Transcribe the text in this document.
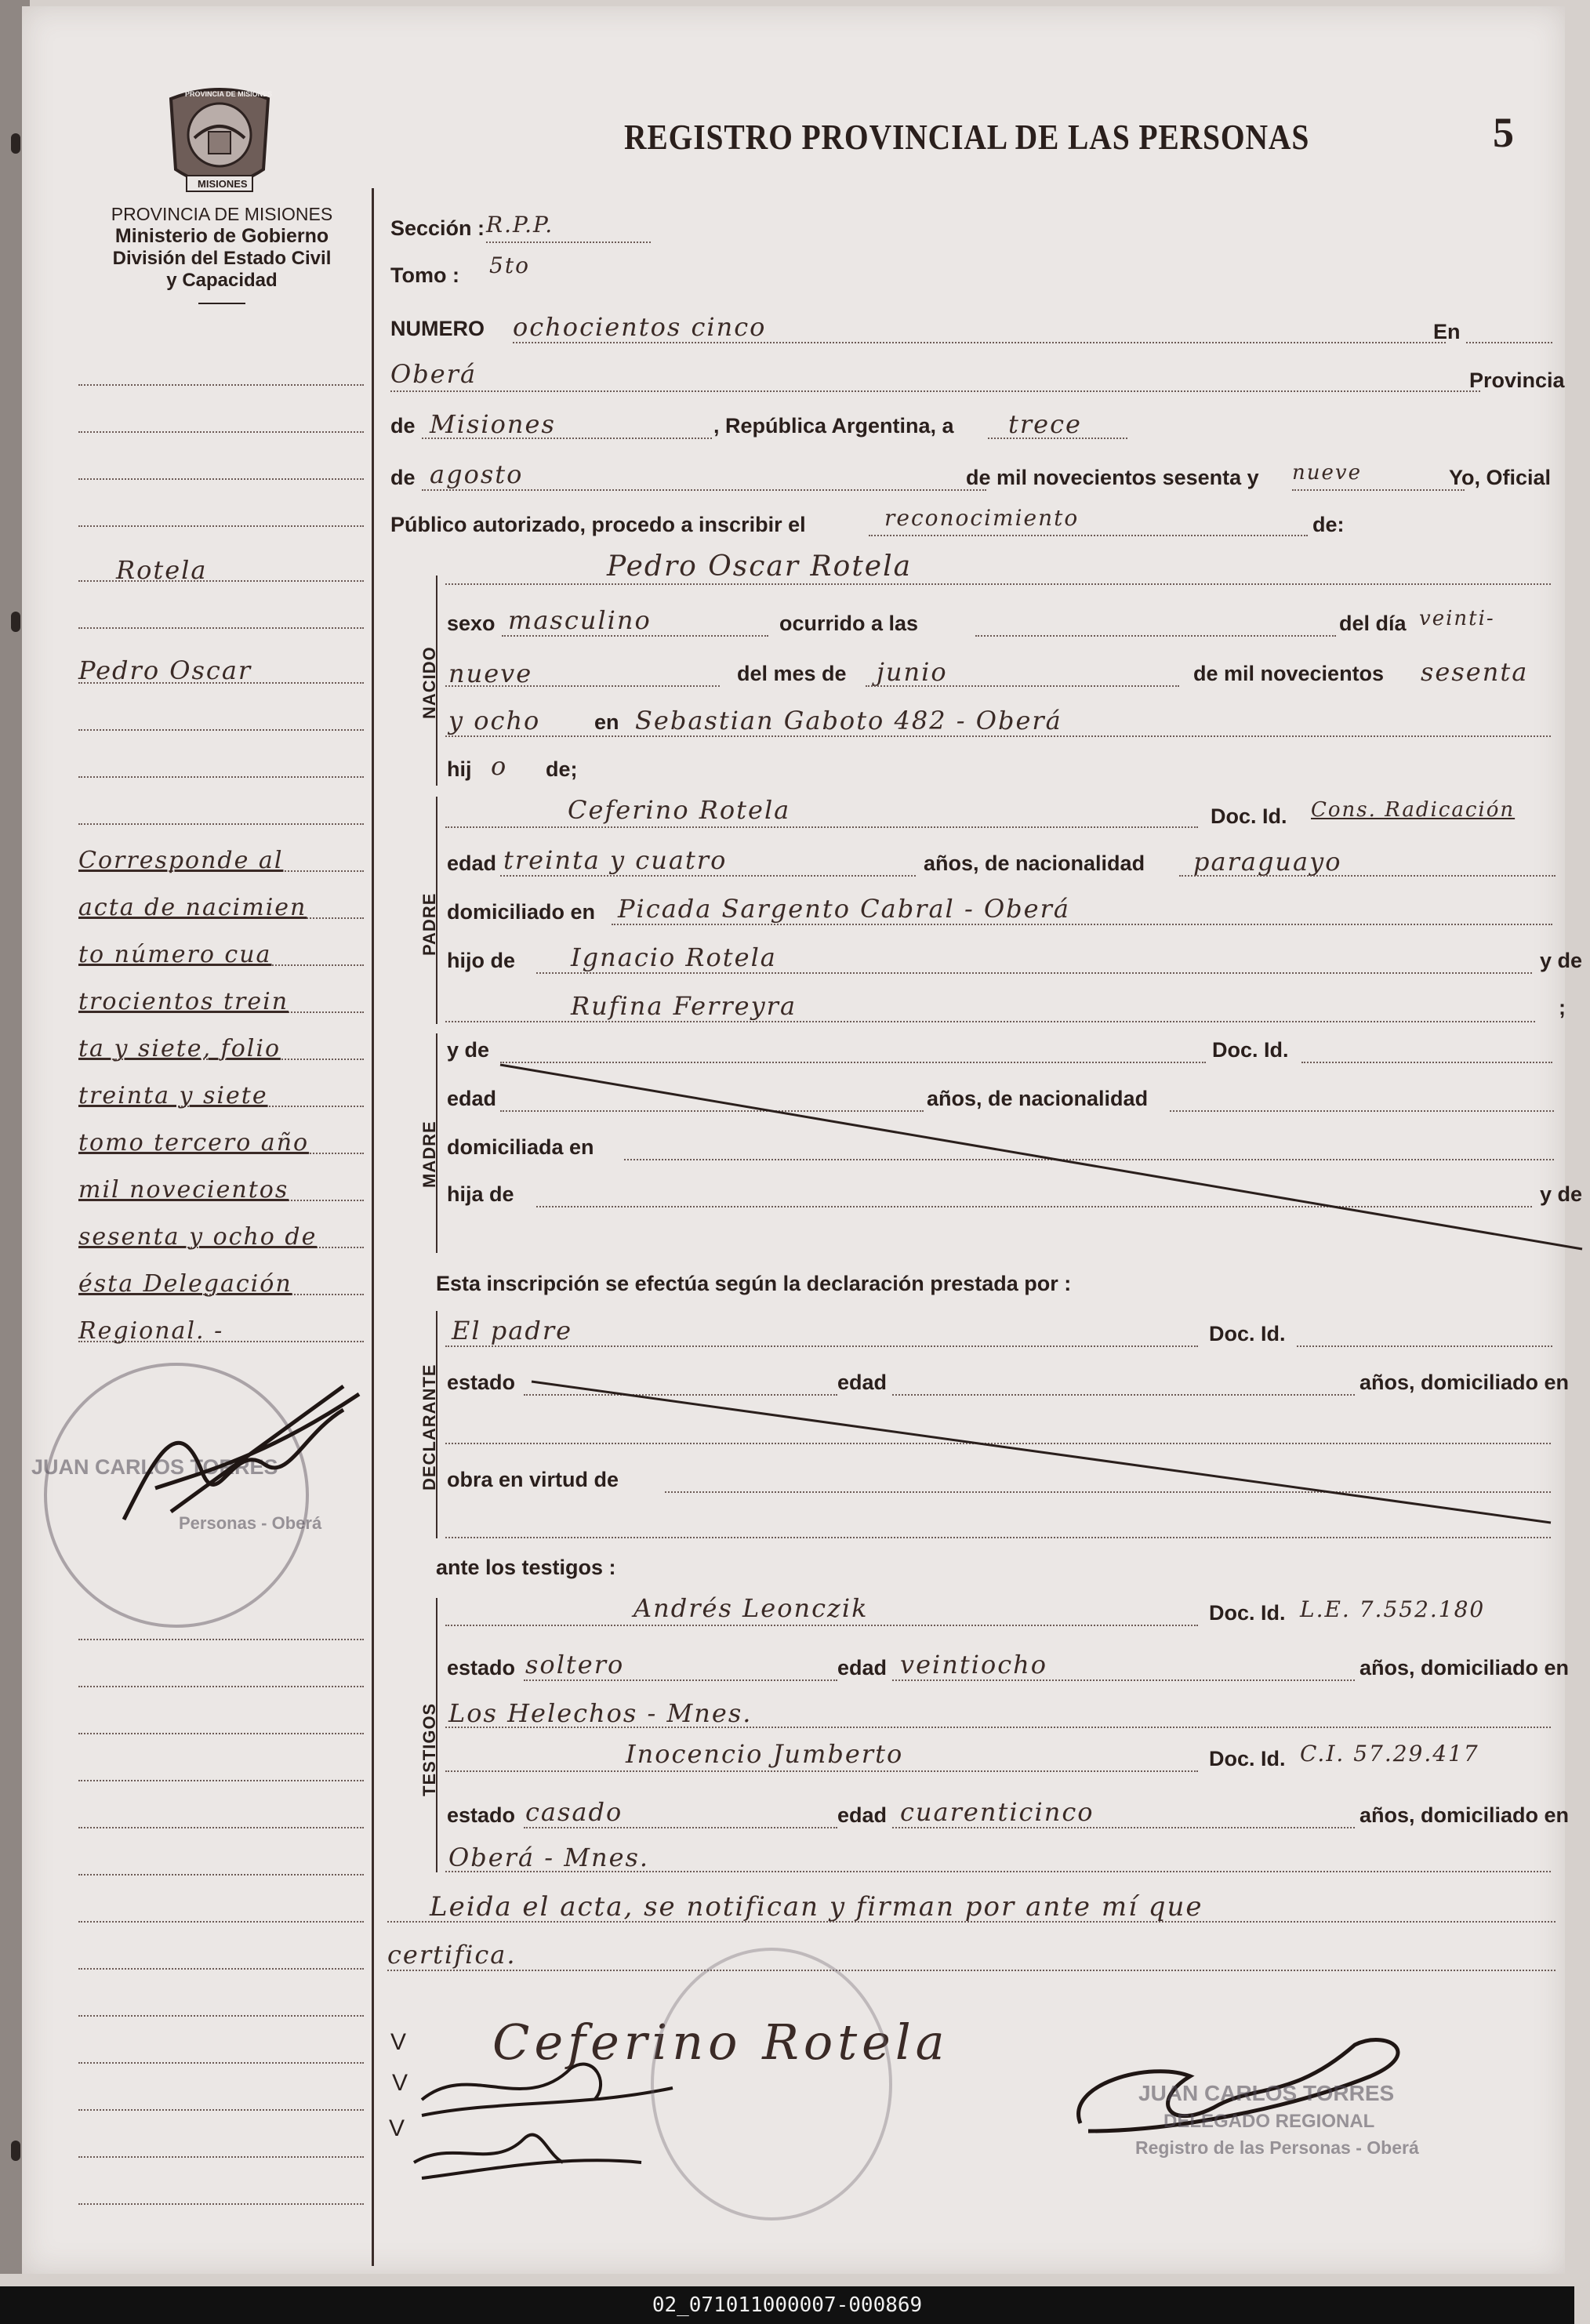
PROVINCIA DE MISIONES
MISIONES
PROVINCIA DE MISIONES
Ministerio de Gobierno
División del Estado Civil
y Capacidad
REGISTRO PROVINCIAL DE LAS PERSONAS	5
Rotela
Pedro Oscar
Corresponde al
acta de nacimien
to número cua
trocientos trein
ta y siete, folio
treinta y siete
tomo tercero año
mil novecientos
sesenta y ocho de
ésta Delegación
Regional. -
JUAN CARLOS TORRES
Personas - Oberá
Sección : R.P.P.
Tomo : 5to
NUMERO ochocientos cinco	En
Oberá	Provincia
de Misiones	, República Argentina, a trece
de agosto	de mil novecientos sesenta y nueve	Yo, Oficial
Público autorizado, procedo a inscribir el	reconocimiento	de:
NACIDO
Pedro Oscar Rotela
sexo masculino	ocurrido a las	del día veinti-
nueve	del mes de junio	de mil novecientos sesenta
y ocho	en Sebastian Gaboto 482 - Oberá
hij o de;
PADRE
Ceferino Rotela	Doc. Id. Cons. Radicación
edad treinta y cuatro	años, de nacionalidad paraguayo
domiciliado en Picada Sargento Cabral - Oberá
hijo de Ignacio Rotela	y de
Rufina Ferreyra	;
MADRE
y de	Doc. Id.
edad	años, de nacionalidad
domiciliada en
hija de	y de
Esta inscripción se efectúa según la declaración prestada por :
DECLARANTE
El padre	Doc. Id.
estado	edad	años, domiciliado en
obra en virtud de
ante los testigos :
TESTIGOS
Andrés Leonczik	Doc. Id. L.E. 7.552.180
estado soltero	edad veintiocho	años, domiciliado en
Los Helechos - Mnes.
Inocencio Jumberto	Doc. Id. C.I. 57.29.417
estado casado	edad cuarenticinco	años, domiciliado en
Oberá - Mnes.
Leida el acta, se notifican y firman por ante mí que
certifica.
V
V
V
Ceferino Rotela
JUAN CARLOS TORRES
DELEGADO REGIONAL
Registro de las Personas - Oberá
02_071011000007-000869
